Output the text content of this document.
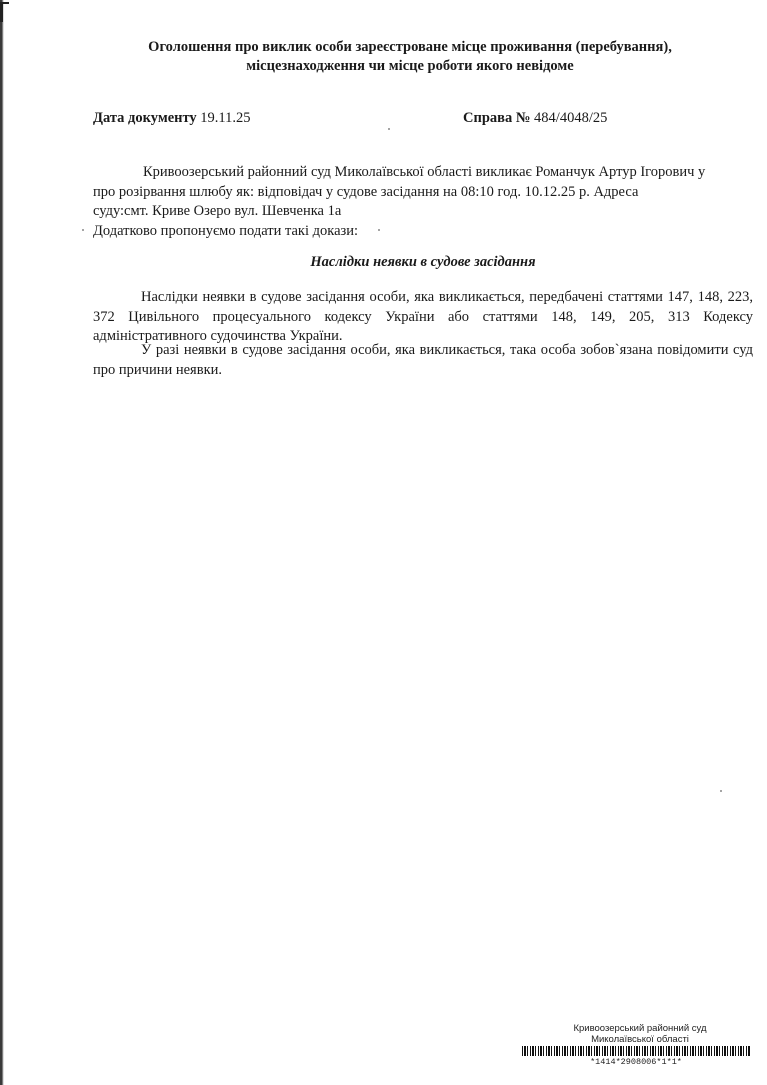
Оголошення про виклик особи зареєстроване місце проживання (перебування),
місцезнаходження чи місце роботи якого невідоме
Дата документу 19.11.25	Справа № 484/4048/25
Кривоозерський районний суд Миколаївської області викликає Романчук Артур Ігорович у
про розірвання шлюбу як: відповідач у судове засідання на 08:10 год. 10.12.25 р. Адреса
суду:смт. Криве Озеро вул. Шевченка 1а
Додатково пропонуємо подати такі докази:
Наслідки неявки в судове засідання
Наслідки неявки в судове засідання особи, яка викликається, передбачені статтями 147, 148, 223, 372 Цивільного процесуального кодексу України або статтями 148, 149, 205, 313 Кодексу адміністративного судочинства України.
У разі неявки в судове засідання особи, яка викликається, така особа зобов`язана повідомити суд про причини неявки.
Кривоозерський районний суд
Миколаївської області
*1414*2908006*1*1*
